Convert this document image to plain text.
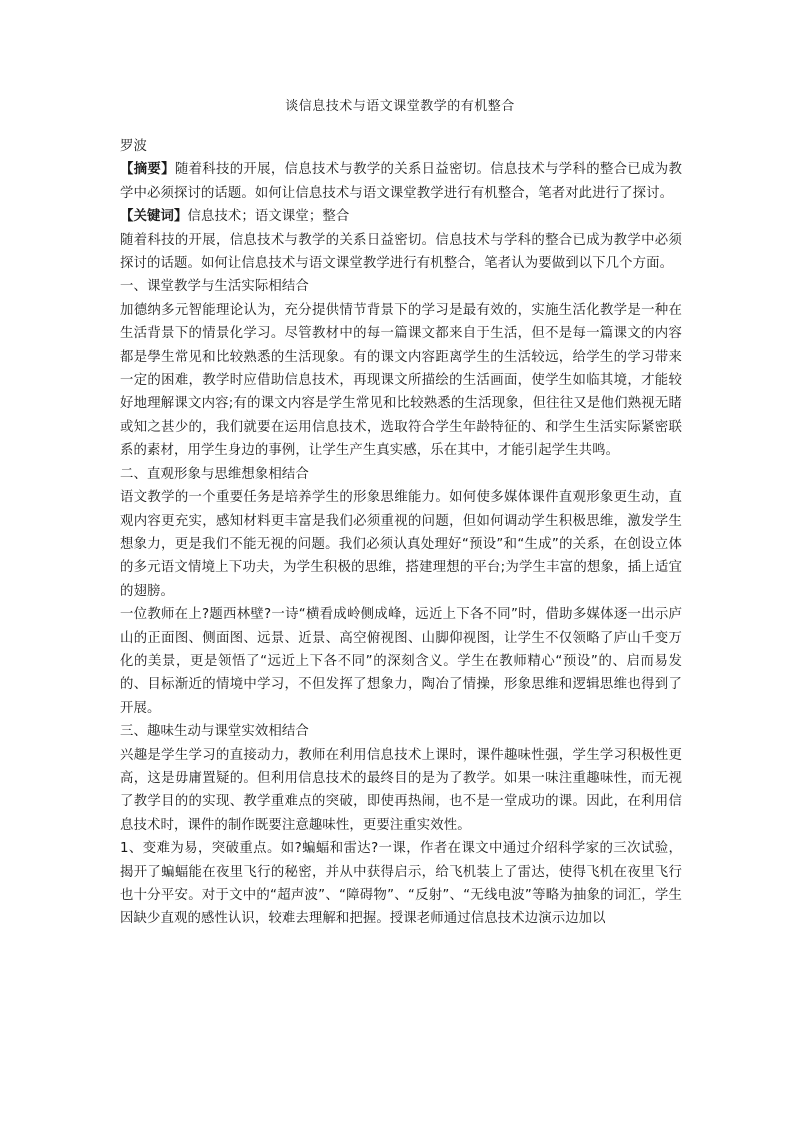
谈信息技术与语文课堂教学的有机整合

罗波

【摘要】随着科技的开展，信息技术与教学的关系日益密切。信息技术与学科的整合已成为教学中必须探讨的话题。如何让信息技术与语文课堂教学进行有机整合，笔者对此进行了探讨。

【关键词】信息技术；语文课堂；整合

随着科技的开展，信息技术与教学的关系日益密切。信息技术与学科的整合已成为教学中必须探讨的话题。如何让信息技术与语文课堂教学进行有机整合，笔者认为要做到以下几个方面。

一、课堂教学与生活实际相结合

加德纳多元智能理论认为，充分提供情节背景下的学习是最有效的，实施生活化教学是一种在生活背景下的情景化学习。尽管教材中的每一篇课文都来自于生活，但不是每一篇课文的内容都是學生常见和比较熟悉的生活现象。有的课文内容距离学生的生活较远，给学生的学习带来一定的困难，教学时应借助信息技术，再现课文所描绘的生活画面，使学生如临其境，才能较好地理解课文内容;有的课文内容是学生常见和比较熟悉的生活现象，但往往又是他们熟视无睹或知之甚少的，我们就要在运用信息技术，选取符合学生年龄特征的、和学生生活实际紧密联系的素材，用学生身边的事例，让学生产生真实感，乐在其中，才能引起学生共鸣。

二、直观形象与思维想象相结合

语文教学的一个重要任务是培养学生的形象思维能力。如何使多媒体课件直观形象更生动，直观内容更充实，感知材料更丰富是我们必须重视的问题，但如何调动学生积极思维，激发学生想象力，更是我们不能无视的问题。我们必须认真处理好“预设”和“生成”的关系，在创设立体的多元语文情境上下功夫，为学生积极的思维，搭建理想的平台;为学生丰富的想象，插上适宜的翅膀。

一位教师在上?题西林壁?一诗“横看成岭侧成峰，远近上下各不同”时，借助多媒体逐一出示庐山的正面图、侧面图、远景、近景、高空俯视图、山脚仰视图，让学生不仅领略了庐山千变万化的美景，更是领悟了“远近上下各不同”的深刻含义。学生在教师精心“预设”的、启而易发的、目标渐近的情境中学习，不但发挥了想象力，陶冶了情操，形象思维和逻辑思维也得到了开展。

三、趣味生动与课堂实效相结合

兴趣是学生学习的直接动力，教师在利用信息技术上课时，课件趣味性强，学生学习积极性更高，这是毋庸置疑的。但利用信息技术的最终目的是为了教学。如果一味注重趣味性，而无视了教学目的的实现、教学重难点的突破，即使再热闹，也不是一堂成功的课。因此，在利用信息技术时，课件的制作既要注意趣味性，更要注重实效性。

1、变难为易，突破重点。如?蝙蝠和雷达?一课，作者在课文中通过介绍科学家的三次试验，揭开了蝙蝠能在夜里飞行的秘密，并从中获得启示，给飞机装上了雷达，使得飞机在夜里飞行也十分平安。对于文中的“超声波”、“障碍物”、“反射”、“无线电波”等略为抽象的词汇，学生因缺少直观的感性认识，较难去理解和把握。授课老师通过信息技术边演示边加以
